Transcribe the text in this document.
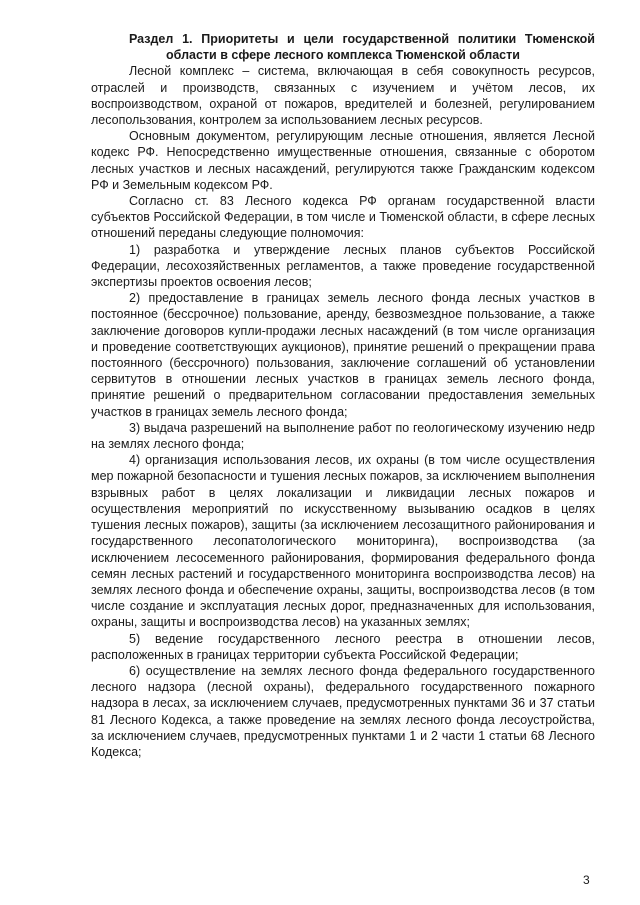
Раздел 1. Приоритеты и цели государственной политики Тюменской области в сфере лесного комплекса Тюменской области

Лесной комплекс – система, включающая в себя совокупность ресурсов, отраслей и производств, связанных с изучением и учётом лесов, их воспроизводством, охраной от пожаров, вредителей и болезней, регулированием лесопользования, контролем за использованием лесных ресурсов.

Основным документом, регулирующим лесные отношения, является Лесной кодекс РФ. Непосредственно имущественные отношения, связанные с оборотом лесных участков и лесных насаждений, регулируются также Гражданским кодексом РФ и Земельным кодексом РФ.

Согласно ст. 83 Лесного кодекса РФ органам государственной власти субъектов Российской Федерации, в том числе и Тюменской области, в сфере лесных отношений переданы следующие полномочия:

1) разработка и утверждение лесных планов субъектов Российской Федерации, лесохозяйственных регламентов, а также проведение государственной экспертизы проектов освоения лесов;

2) предоставление в границах земель лесного фонда лесных участков в постоянное (бессрочное) пользование, аренду, безвозмездное пользование, а также заключение договоров купли-продажи лесных насаждений (в том числе организация и проведение соответствующих аукционов), принятие решений о прекращении права постоянного (бессрочного) пользования, заключение соглашений об установлении сервитутов в отношении лесных участков в границах земель лесного фонда, принятие решений о предварительном согласовании предоставления земельных участков в границах земель лесного фонда;

3) выдача разрешений на выполнение работ по геологическому изучению недр на землях лесного фонда;

4) организация использования лесов, их охраны (в том числе осуществления мер пожарной безопасности и тушения лесных пожаров, за исключением выполнения взрывных работ в целях локализации и ликвидации лесных пожаров и осуществления мероприятий по искусственному вызыванию осадков в целях тушения лесных пожаров), защиты (за исключением лесозащитного районирования и государственного лесопатологического мониторинга), воспроизводства (за исключением лесосеменного районирования, формирования федерального фонда семян лесных растений и государственного мониторинга воспроизводства лесов) на землях лесного фонда и обеспечение охраны, защиты, воспроизводства лесов (в том числе создание и эксплуатация лесных дорог, предназначенных для использования, охраны, защиты и воспроизводства лесов) на указанных землях;

5) ведение государственного лесного реестра в отношении лесов, расположенных в границах территории субъекта Российской Федерации;

6) осуществление на землях лесного фонда федерального государственного лесного надзора (лесной охраны), федерального государственного пожарного надзора в лесах, за исключением случаев, предусмотренных пунктами 36 и 37 статьи 81 Лесного Кодекса, а также проведение на землях лесного фонда лесоустройства, за исключением случаев, предусмотренных пунктами 1 и 2 части 1 статьи 68 Лесного Кодекса;

3
